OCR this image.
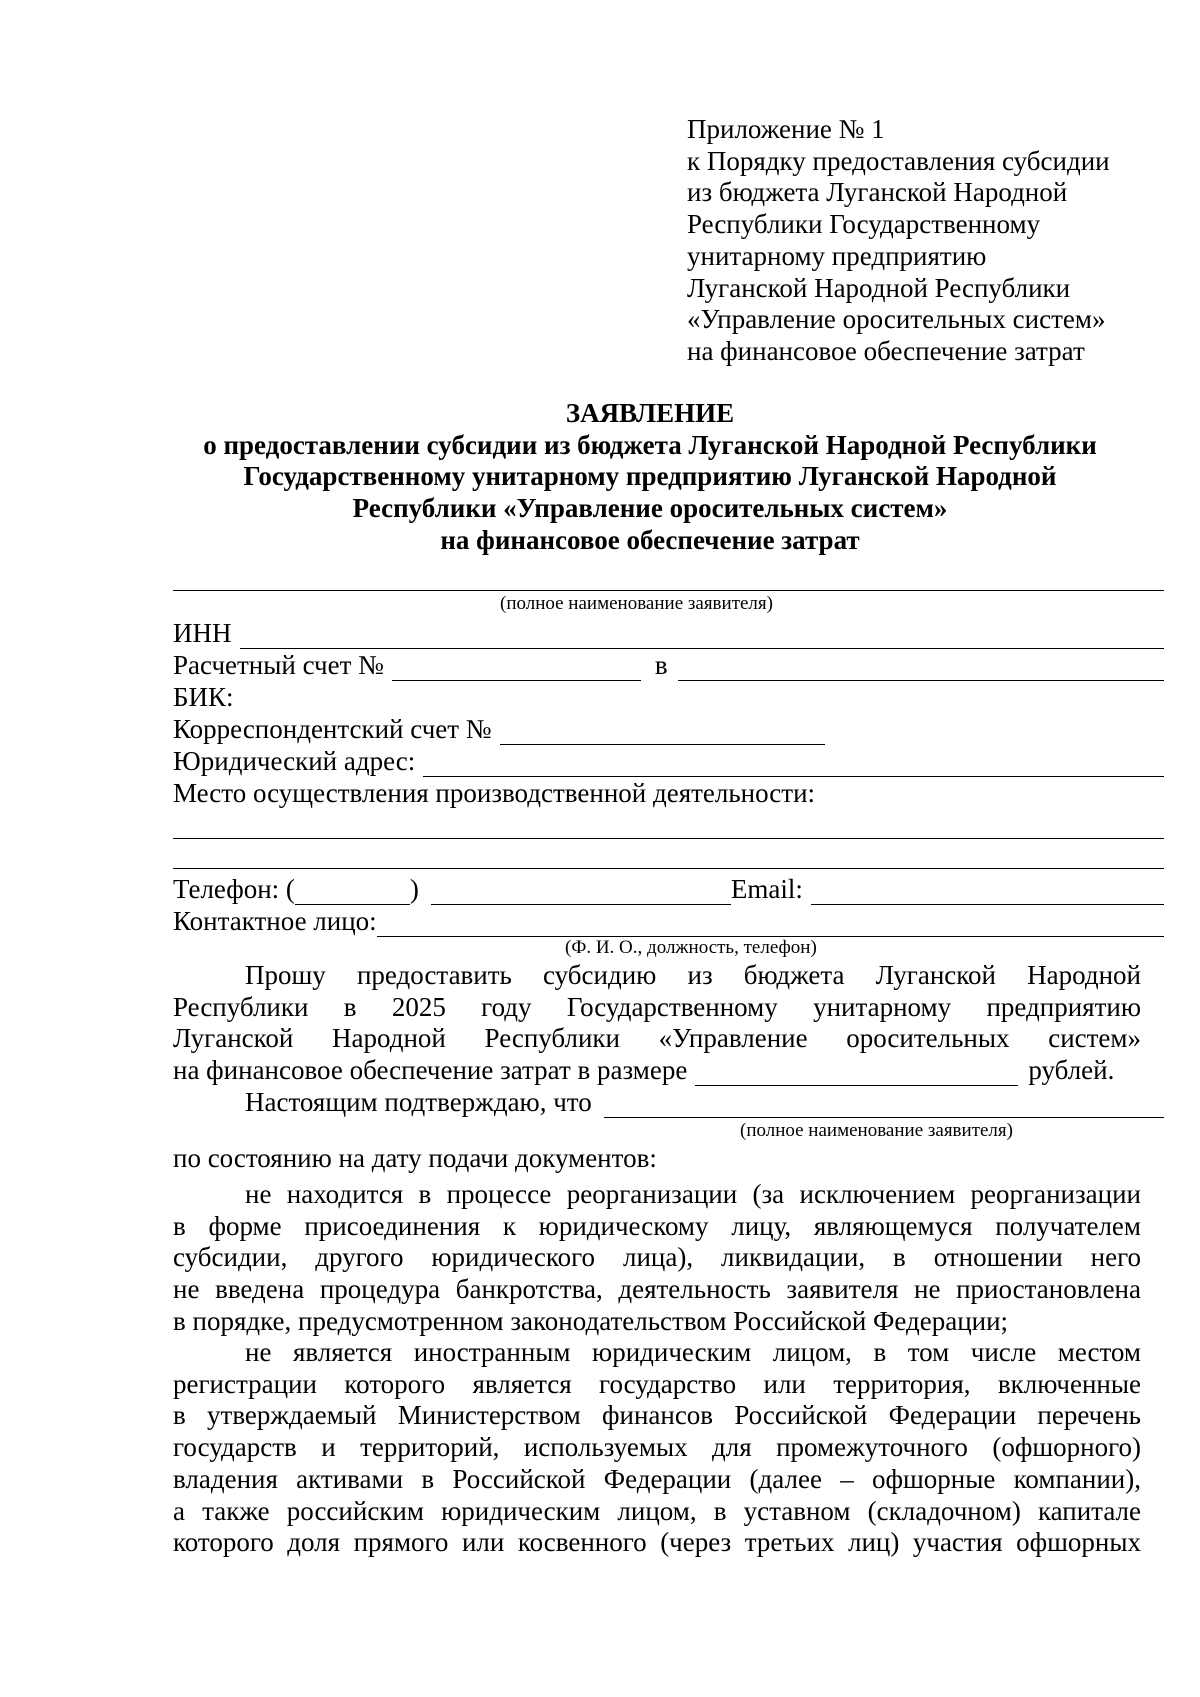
Приложение № 1
к Порядку предоставления субсидии
из бюджета Луганской Народной
Республики Государственному
унитарному предприятию
Луганской Народной Республики
«Управление оросительных систем»
на финансовое обеспечение затрат
ЗАЯВЛЕНИЕ
о предоставлении субсидии из бюджета Луганской Народной Республики
Государственному унитарному предприятию Луганской Народной
Республики «Управление оросительных систем»
на финансовое обеспечение затрат
(полное наименование заявителя)
ИНН
Расчетный счет №	в
БИК:
Корреспондентский счет №
Юридический адрес:
Место осуществления производственной деятельности:
Телефон: (	)	Email:
Контактное лицо:
(Ф. И. О., должность, телефон)
Прошу предоставить субсидию из бюджета Луганской Народной
Республики в 2025 году Государственному унитарному предприятию
Луганской Народной Республики «Управление оросительных систем»
на финансовое обеспечение затрат в размере	рублей.
Настоящим подтверждаю, что
(полное наименование заявителя)
по состоянию на дату подачи документов:
не находится в процессе реорганизации (за исключением реорганизации
в форме присоединения к юридическому лицу, являющемуся получателем
субсидии, другого юридического лица), ликвидации, в отношении него
не введена процедура банкротства, деятельность заявителя не приостановлена
в порядке, предусмотренном законодательством Российской Федерации;
не является иностранным юридическим лицом, в том числе местом
регистрации которого является государство или территория, включенные
в утверждаемый Министерством финансов Российской Федерации перечень
государств и территорий, используемых для промежуточного (офшорного)
владения активами в Российской Федерации (далее – офшорные компании),
а также российским юридическим лицом, в уставном (складочном) капитале
которого доля прямого или косвенного (через третьих лиц) участия офшорных
